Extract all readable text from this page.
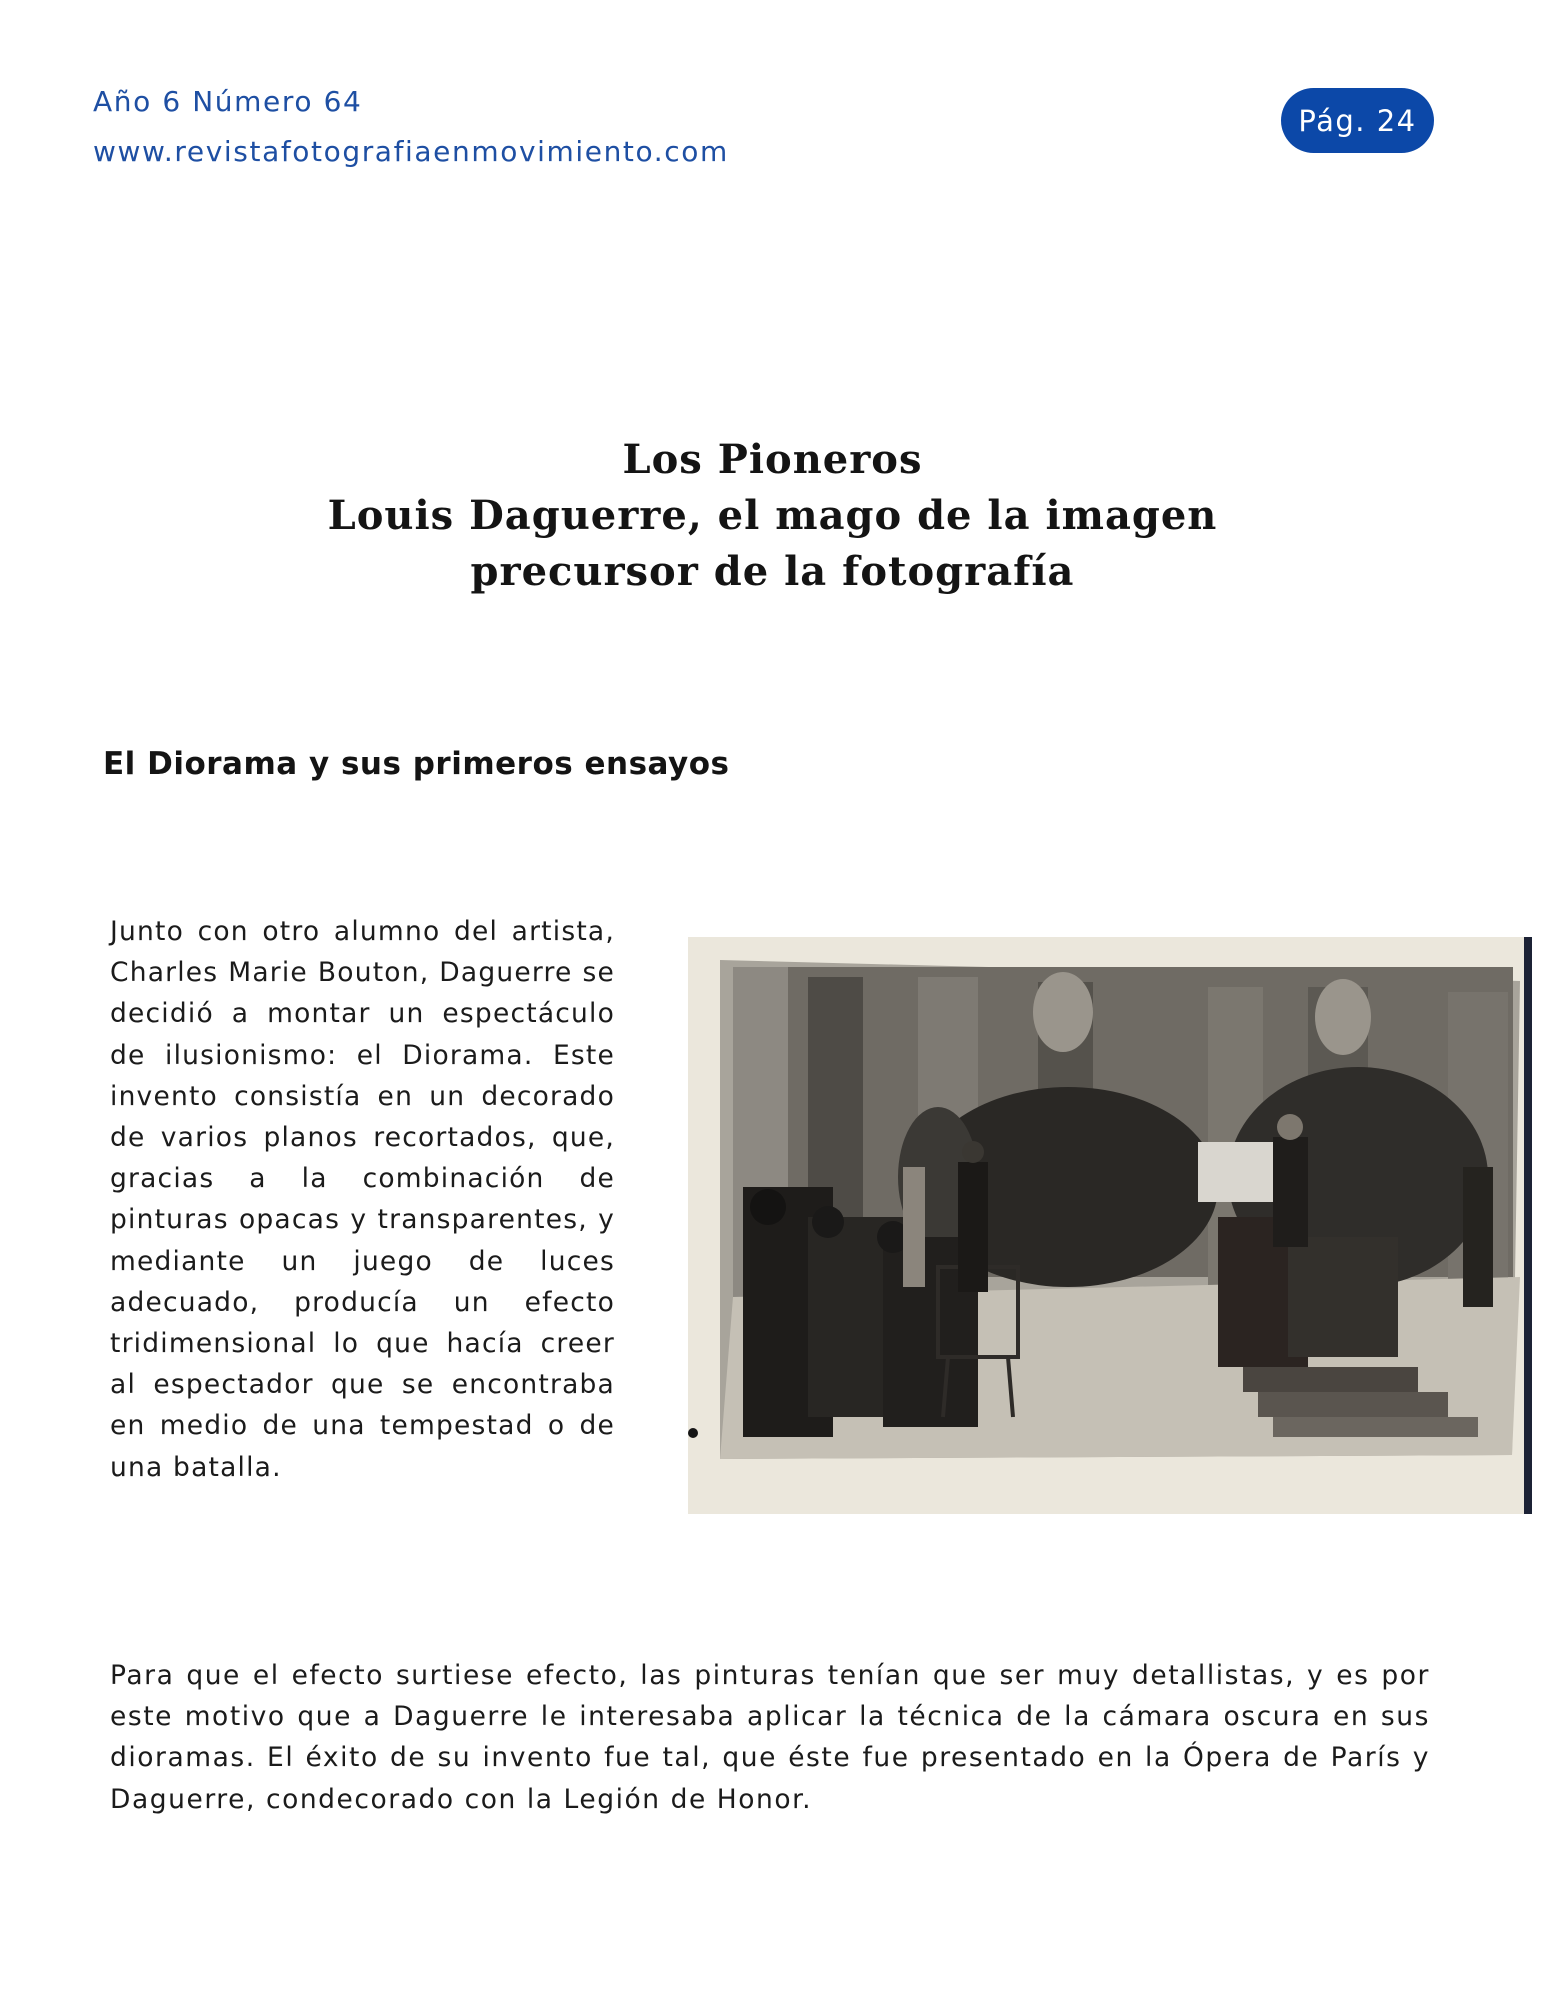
Año 6 Número 64
www.revistafotografiaenmovimiento.com
Pág. 24
Los Pioneros
Louis Daguerre, el mago de la imagen
precursor de la fotografía
El Diorama y sus primeros ensayos

Junto con otro alumno del artista, Charles Marie Bouton, Daguerre se decidió a montar un espectáculo de ilusionismo: el Diorama. Este invento consistía en un decorado de varios planos recortados, que, gracias a la combinación de pinturas opacas y transparentes, y mediante un juego de luces adecuado, producía un efecto tridimensional lo que hacía creer al espectador que se encontraba en medio de una tempestad o de una batalla.

Para que el efecto surtiese efecto, las pinturas tenían que ser muy detallistas, y es por este motivo que a Daguerre le interesaba aplicar la técnica de la cámara oscura en sus dioramas. El éxito de su invento fue tal, que éste fue presentado en la Ópera de París y Daguerre, condecorado con la Legión de Honor.
